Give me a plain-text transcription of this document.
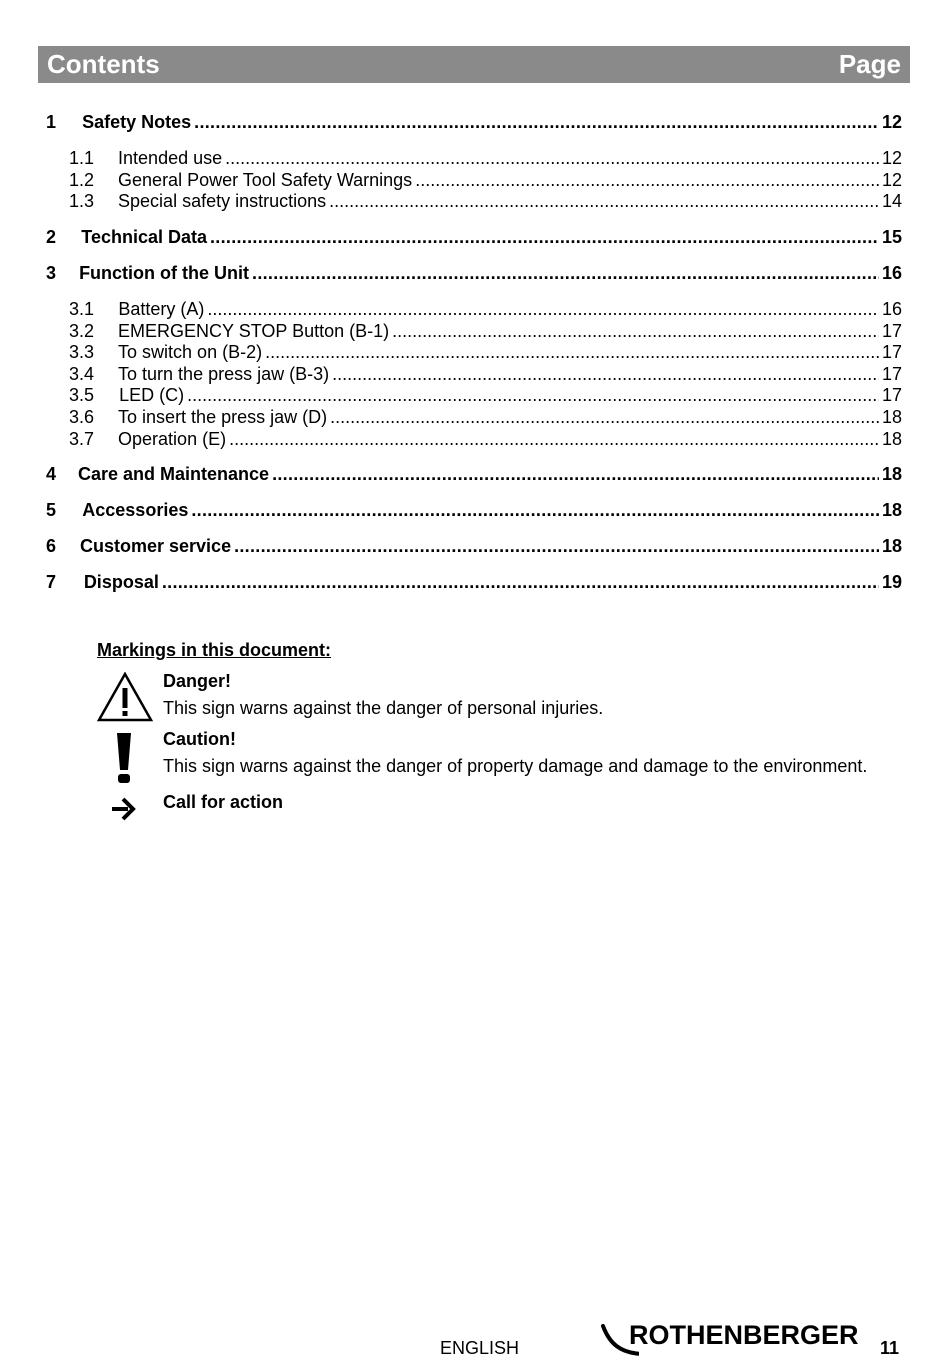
Contents	Page
1	Safety Notes .....	12
1.1	Intended use .....	12
1.2	General Power Tool Safety Warnings .....	12
1.3	Special safety instructions .....	14
2	Technical Data .....	15
3	Function of the Unit .....	16
3.1	Battery (A) .....	16
3.2	EMERGENCY STOP Button (B-1) .....	17
3.3	To switch on (B-2) .....	17
3.4	To turn the press jaw (B-3) .....	17
3.5	LED (C) .....	17
3.6	To insert the press jaw (D) .....	18
3.7	Operation (E) .....	18
4	Care and Maintenance .....	18
5	Accessories .....	18
6	Customer service .....	18
7	Disposal .....	19
Markings in this document:
Danger!
This sign warns against the danger of personal injuries.
Caution!
This sign warns against the danger of property damage and damage to the environment.
Call for action
ENGLISH	ROTHENBERGER 11
